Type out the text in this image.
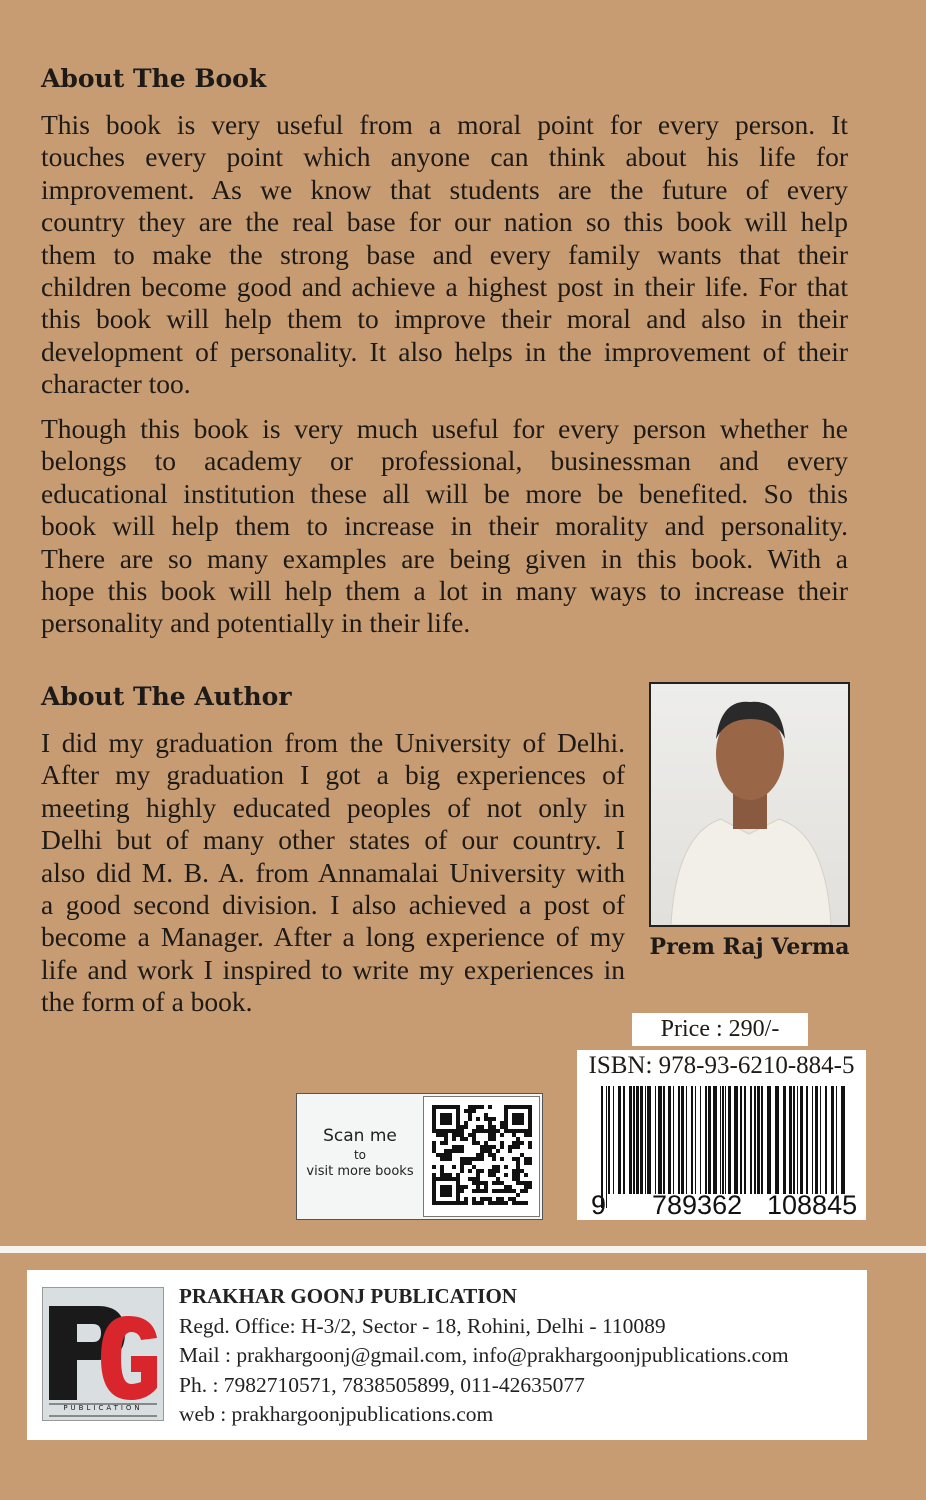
About The Book
This book is very useful from a moral point for every person. It
touches every point which anyone can think about his life for
improvement. As we know that students are the future of every
country they are the real base for our nation so this book will help
them to make the strong base and every family wants that their
children become good and achieve a highest post in their life. For that
this book will help them to improve their moral and also in their
development of personality. It also helps in the improvement of their
character too.
Though this book is very much useful for every person whether he
belongs to academy or professional, businessman and every
educational institution these all will be more be benefited. So this
book will help them to increase in their morality and personality.
There are so many examples are being given in this book. With a
hope this book will help them a lot in many ways to increase their
personality and potentially in their life.
About The Author
I did my graduation from the University of Delhi.
After my graduation I got a big experiences of
meeting highly educated peoples of not only in
Delhi but of many other states of our country. I
also did M. B. A. from Annamalai University with
a good second division. I also achieved a post of
become a Manager. After a long experience of my
life and work I inspired to write my experiences in
the form of a book.
Prem Raj Verma
Price : 290/-
ISBN: 978-93-6210-884-5
9 789362 108845
Scan me
to
visit more books
PUBLICATION
PRAKHAR GOONJ PUBLICATION
Regd. Office: H-3/2, Sector - 18, Rohini, Delhi - 110089
Mail : prakhargoonj@gmail.com, info@prakhargoonjpublications.com
Ph. : 7982710571, 7838505899, 011-42635077
web : prakhargoonjpublications.com
